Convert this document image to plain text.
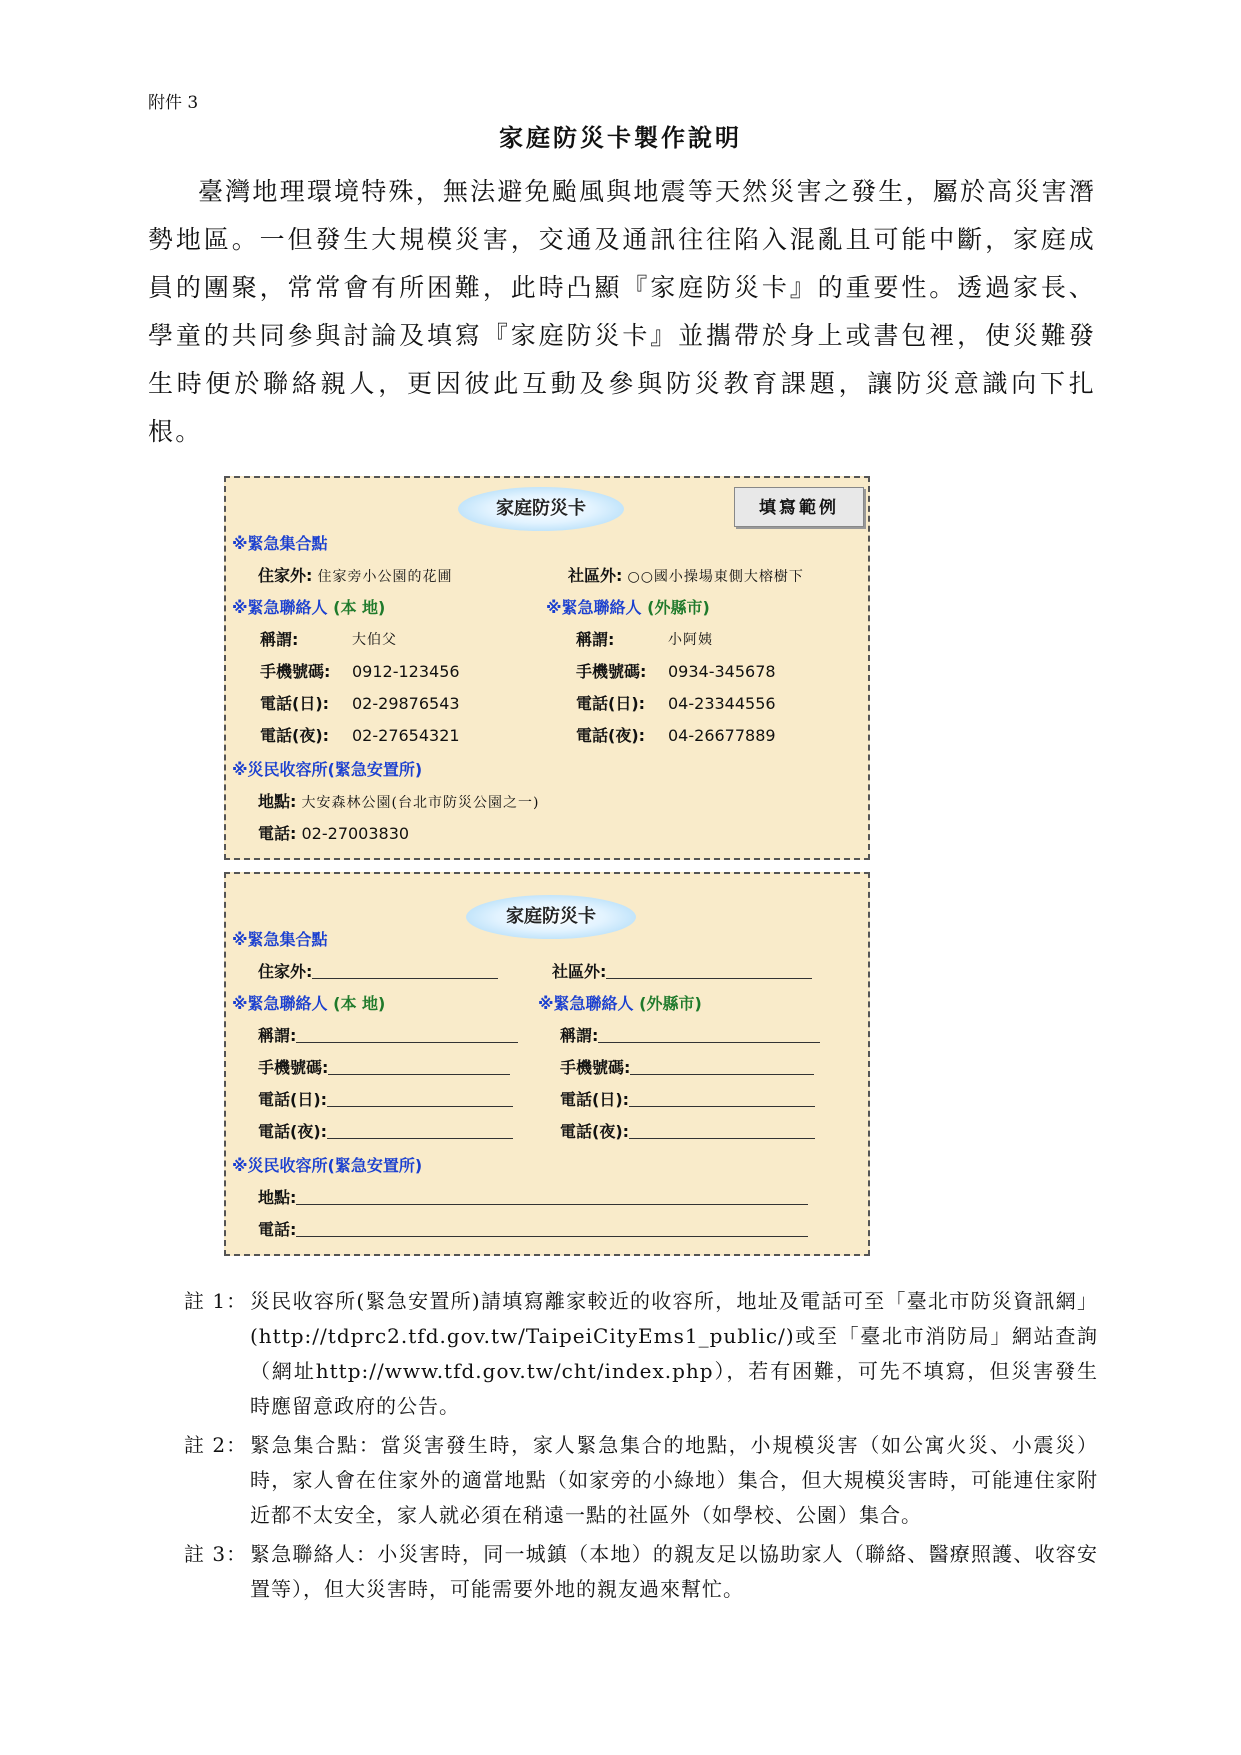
附件 3
家庭防災卡製作說明

臺灣地理環境特殊，無法避免颱風與地震等天然災害之發生，屬於高災害潛勢地區。一但發生大規模災害，交通及通訊往往陷入混亂且可能中斷，家庭成員的團聚，常常會有所困難，此時凸顯『家庭防災卡』的重要性。透過家長、學童的共同參與討論及填寫『家庭防災卡』並攜帶於身上或書包裡，使災難發生時便於聯絡親人，更因彼此互動及參與防災教育課題，讓防災意識向下扎根。

家庭防災卡	填寫範例
※緊急集合點
住家外: 住家旁小公園的花圃	社區外: ○○國小操場東側大榕樹下
※緊急聯絡人 (本 地)	※緊急聯絡人 (外縣市)
稱謂:	大伯父
手機號碼: 0912-123456
電話(日): 02-29876543
電話(夜): 02-27654321
稱謂:	小阿姨
手機號碼: 0934-345678
電話(日): 04-23344556
電話(夜): 04-26677889
※災民收容所(緊急安置所)
地點: 大安森林公園(台北市防災公園之一)
電話: 02-27003830
家庭防災卡
※緊急集合點
住家外:	社區外:
※緊急聯絡人 (本 地)	※緊急聯絡人 (外縣市)
稱謂:
手機號碼:
電話(日):
電話(夜):
稱謂:
手機號碼:
電話(日):
電話(夜):
※災民收容所(緊急安置所)
地點:
電話:
註 1： 災民收容所(緊急安置所)請填寫離家較近的收容所，地址及電話可至「臺北市防災資訊網」(http://tdprc2.tfd.gov.tw/TaipeiCityEms1_public/)或至「臺北市消防局」網站查詢（網址http://www.tfd.gov.tw/cht/index.php），若有困難，可先不填寫，但災害發生時應留意政府的公告。
註 2： 緊急集合點：當災害發生時，家人緊急集合的地點，小規模災害（如公寓火災、小震災）時，家人會在住家外的適當地點（如家旁的小綠地）集合，但大規模災害時，可能連住家附近都不太安全，家人就必須在稍遠一點的社區外（如學校、公園）集合。
註 3： 緊急聯絡人：小災害時，同一城鎮（本地）的親友足以協助家人（聯絡、醫療照護、收容安置等），但大災害時，可能需要外地的親友過來幫忙。
